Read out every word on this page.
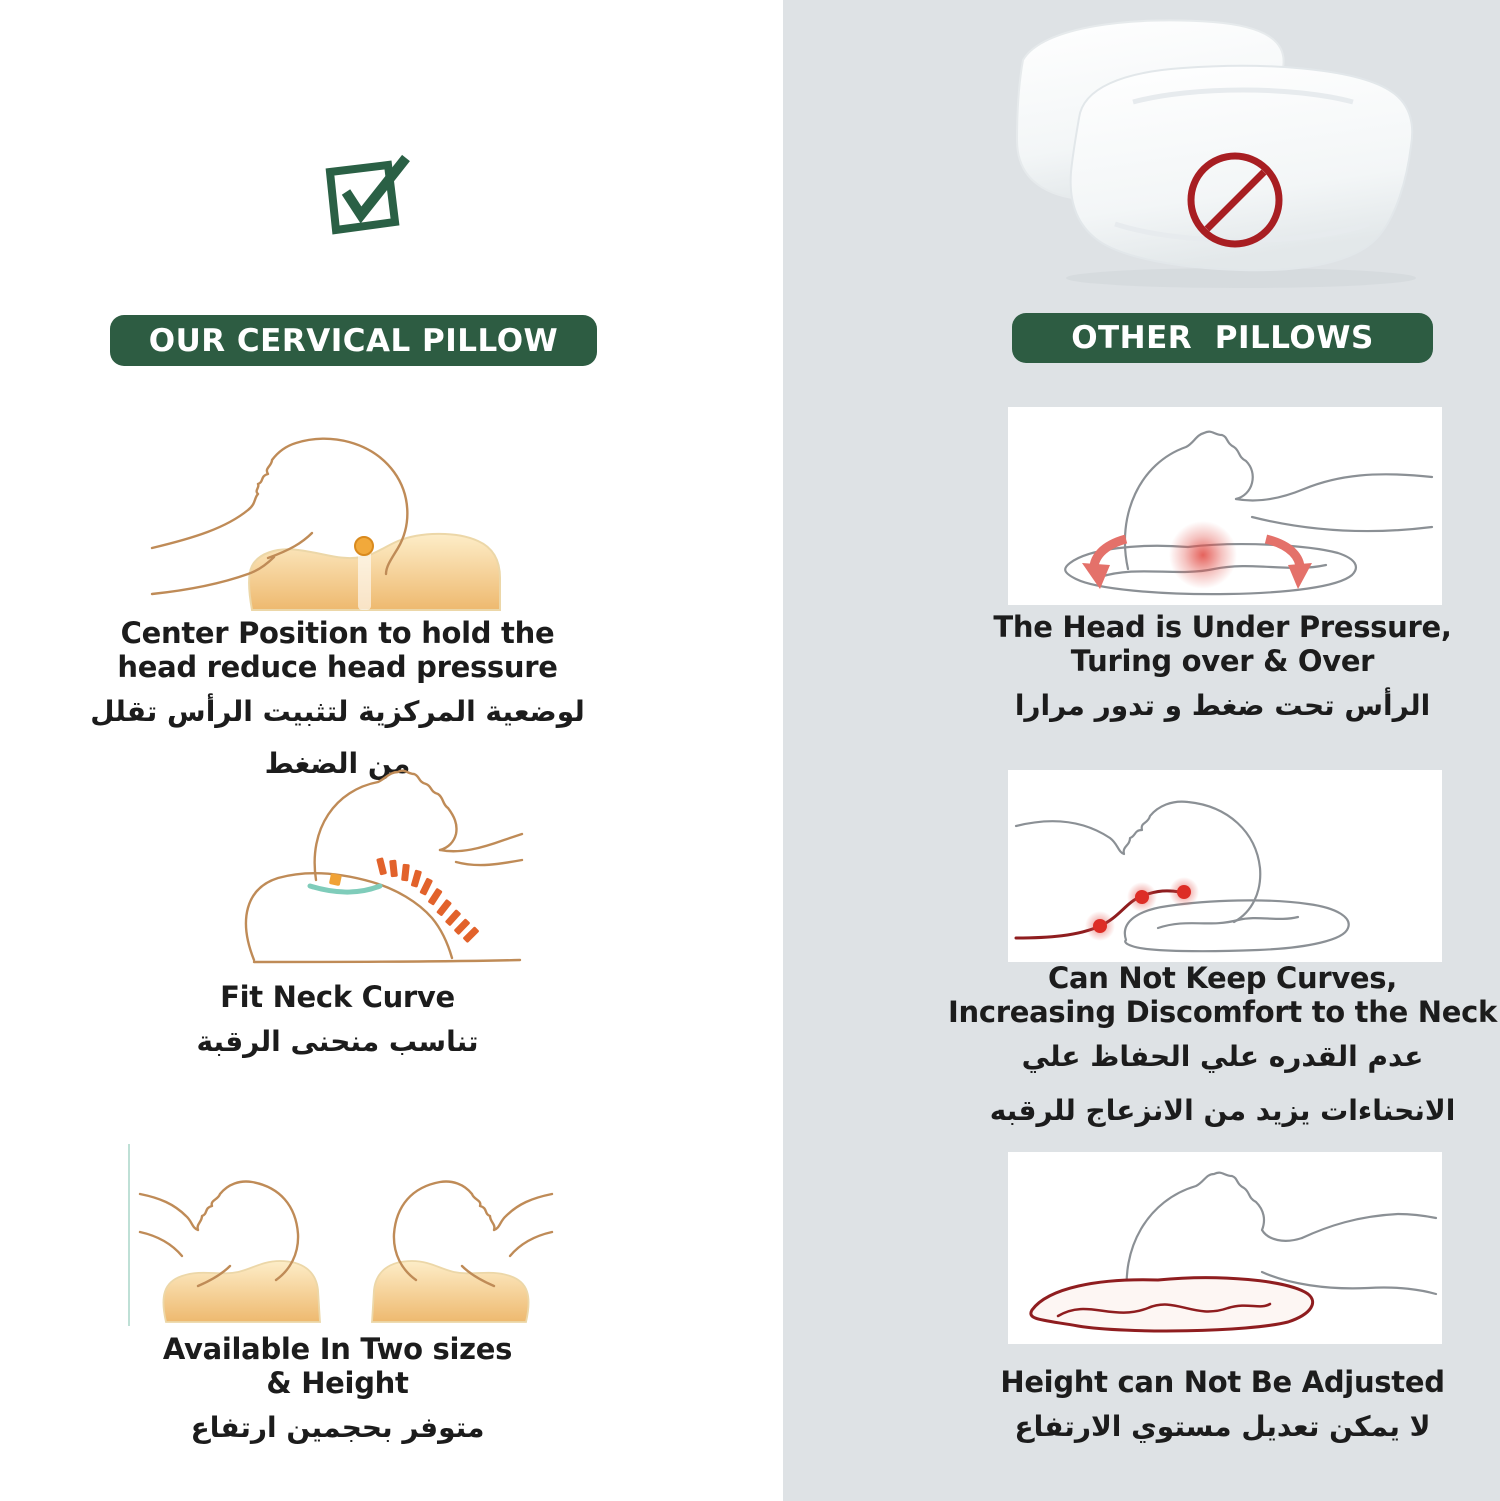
OUR CERVICAL PILLOW
Center Position to hold the
head reduce head pressure
لوضعية المركزية لتثبيت الرأس تقلل من الضغط
Fit Neck Curve
تناسب منحنى الرقبة
Available In Two sizes
& Height
متوفر بحجمين ارتفاع
OTHER  PILLOWS
The Head is Under Pressure,
Turing over & Over
الرأس تحت ضغط و تدور مرارا
Can Not Keep Curves,
Increasing Discomfort to the Neck
عدم القدره علي الحفاظ علي
الانحناءات يزيد من الانزعاج للرقبه
Height can Not Be Adjusted
لا يمكن تعديل مستوي الارتفاع
